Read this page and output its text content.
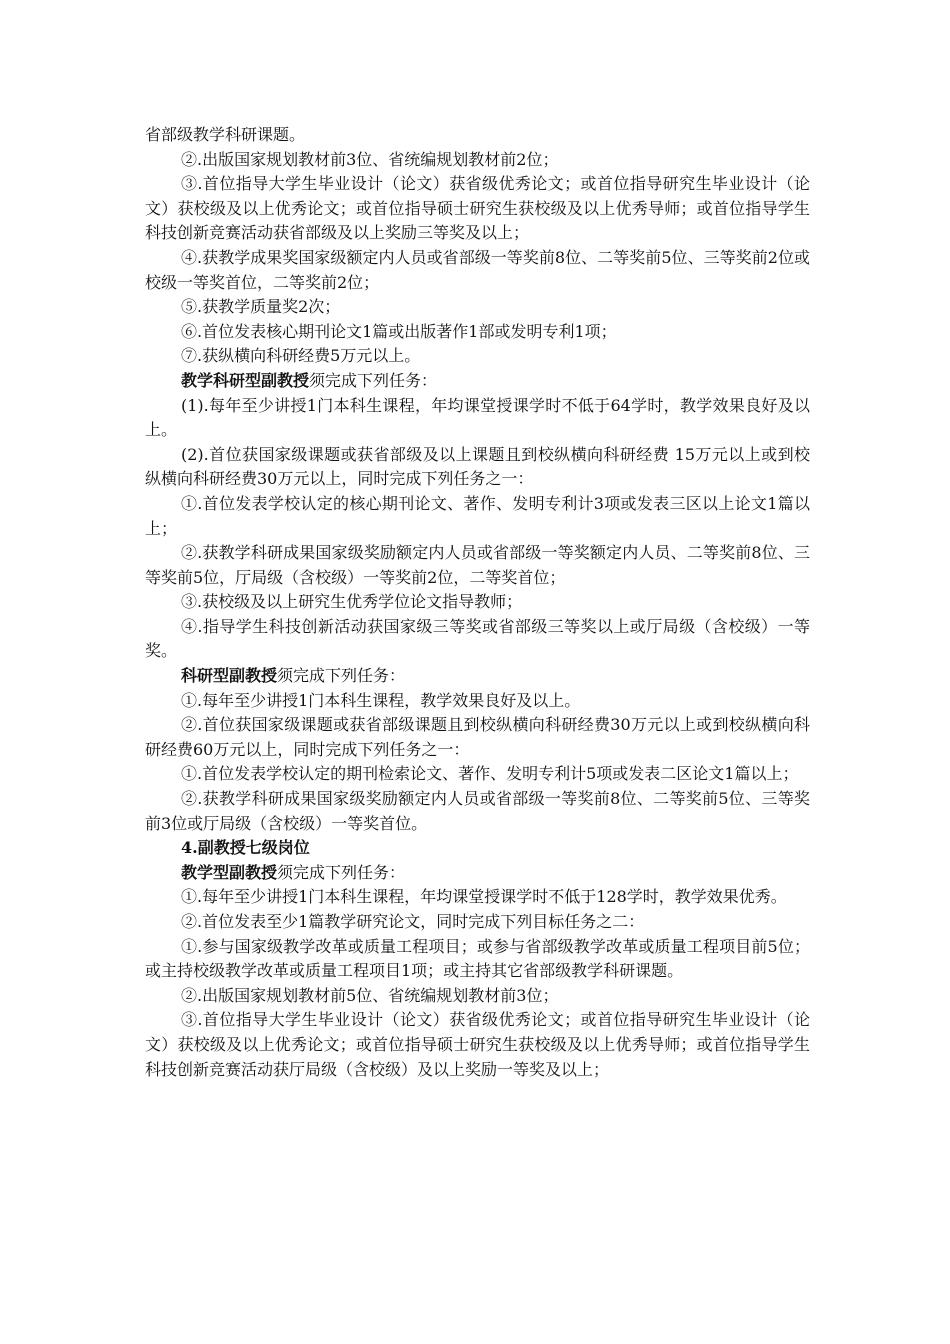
省部级教学科研课题。

②.出版国家规划教材前3位、省统编规划教材前2位；

③.首位指导大学生毕业设计（论文）获省级优秀论文；或首位指导研究生毕业设计（论文）获校级及以上优秀论文；或首位指导硕士研究生获校级及以上优秀导师；或首位指导学生科技创新竞赛活动获省部级及以上奖励三等奖及以上；

④.获教学成果奖国家级额定内人员或省部级一等奖前8位、二等奖前5位、三等奖前2位或校级一等奖首位，二等奖前2位；

⑤.获教学质量奖2次；

⑥.首位发表核心期刊论文1篇或出版著作1部或发明专利1项；

⑦.获纵横向科研经费5万元以上。

教学科研型副教授须完成下列任务：

(1).每年至少讲授1门本科生课程，年均课堂授课学时不低于64学时，教学效果良好及以上。

(2).首位获国家级课题或获省部级及以上课题且到校纵横向科研经费 15万元以上或到校纵横向科研经费30万元以上，同时完成下列任务之一：

①.首位发表学校认定的核心期刊论文、著作、发明专利计3项或发表三区以上论文1篇以上；

②.获教学科研成果国家级奖励额定内人员或省部级一等奖额定内人员、二等奖前8位、三等奖前5位，厅局级（含校级）一等奖前2位，二等奖首位；

③.获校级及以上研究生优秀学位论文指导教师；

④.指导学生科技创新活动获国家级三等奖或省部级三等奖以上或厅局级（含校级）一等奖。

科研型副教授须完成下列任务：

①.每年至少讲授1门本科生课程，教学效果良好及以上。

②.首位获国家级课题或获省部级课题且到校纵横向科研经费30万元以上或到校纵横向科研经费60万元以上，同时完成下列任务之一：

①.首位发表学校认定的期刊检索论文、著作、发明专利计5项或发表二区论文1篇以上；

②.获教学科研成果国家级奖励额定内人员或省部级一等奖前8位、二等奖前5位、三等奖前3位或厅局级（含校级）一等奖首位。

4.副教授七级岗位

教学型副教授须完成下列任务：

①.每年至少讲授1门本科生课程，年均课堂授课学时不低于128学时，教学效果优秀。

②.首位发表至少1篇教学研究论文，同时完成下列目标任务之二：

①.参与国家级教学改革或质量工程项目；或参与省部级教学改革或质量工程项目前5位；或主持校级教学改革或质量工程项目1项；或主持其它省部级教学科研课题。

②.出版国家规划教材前5位、省统编规划教材前3位；

③.首位指导大学生毕业设计（论文）获省级优秀论文；或首位指导研究生毕业设计（论文）获校级及以上优秀论文；或首位指导硕士研究生获校级及以上优秀导师；或首位指导学生科技创新竞赛活动获厅局级（含校级）及以上奖励一等奖及以上；
